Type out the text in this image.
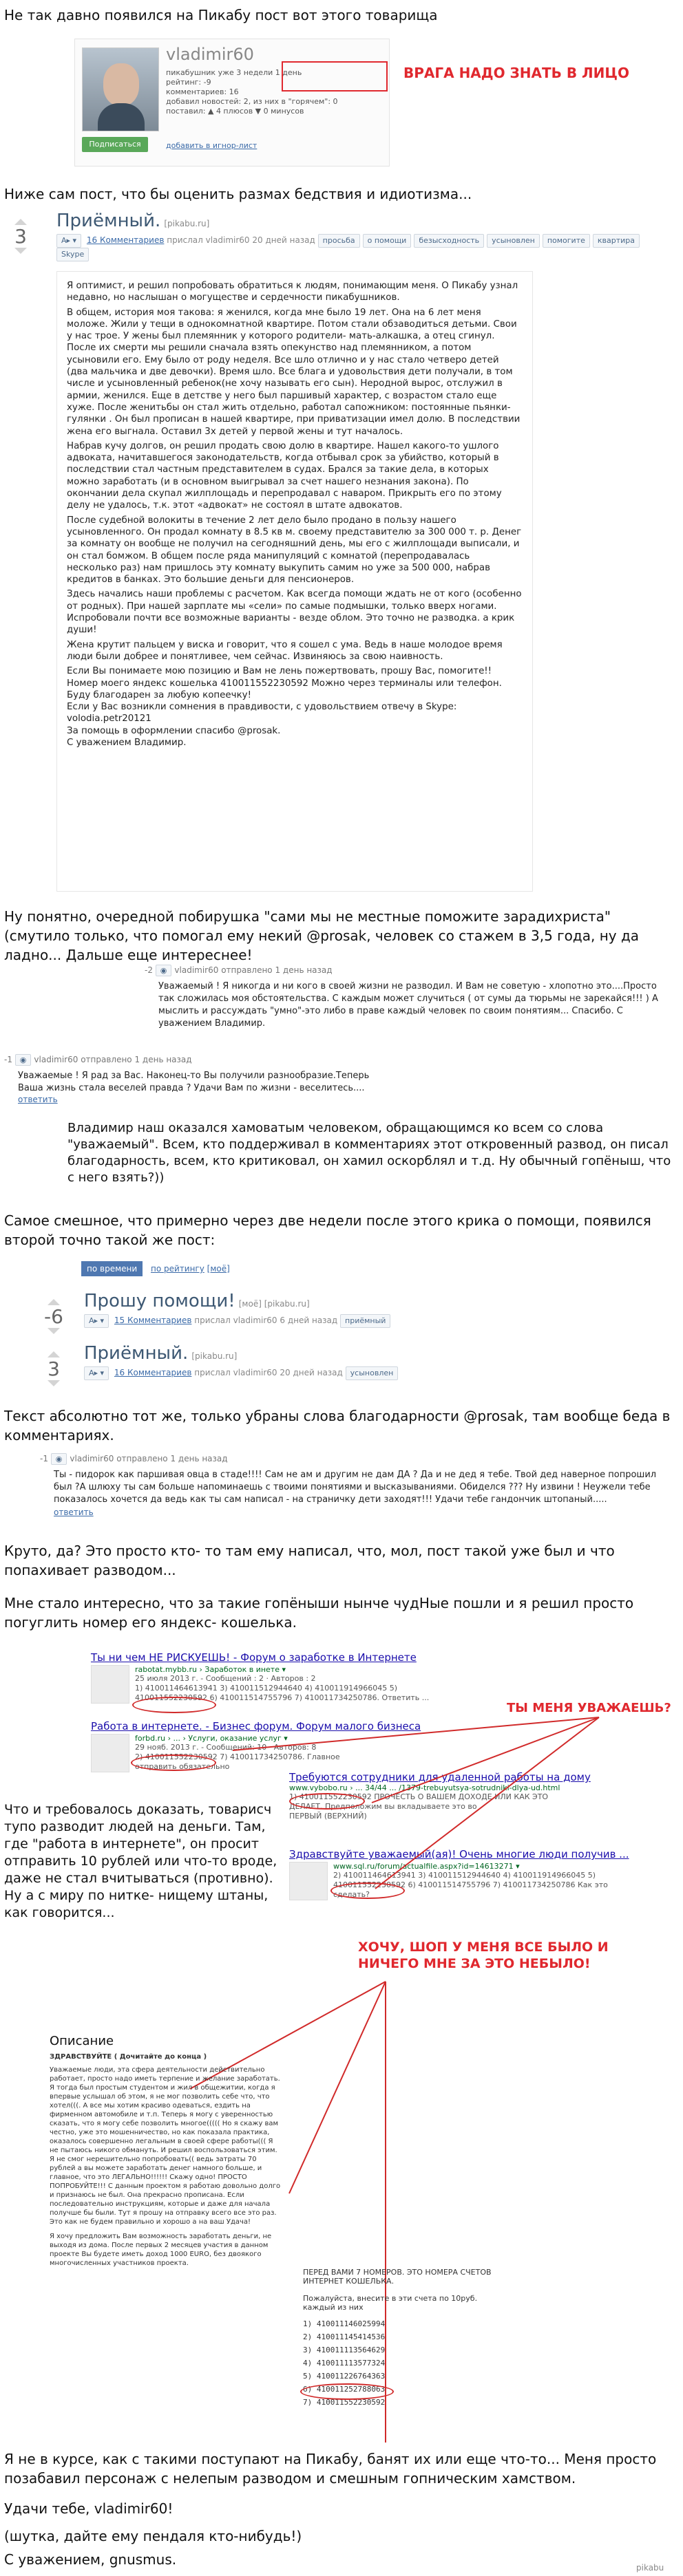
Не так давно появился на Пикабу пост вот этого товарища
vladimir60
пикабушник уже 3 недели 1 день
рейтинг: -9
комментариев: 16
добавил новостей: 2, из них в "горячем": 0
поставил: ▲ 4 плюсов ▼ 0 минусов
Подписаться	добавить в игнор-лист
ВРАГА НАДО ЗНАТЬ В ЛИЦО
Ниже сам пост, что бы оценить размах бедствия и идиотизма...
3
Приёмный. [pikabu.ru]
А▸ ▾ 16 Комментариев прислал vladimir60 20 дней назад просьба о помощи безысходность усыновлен помогите квартираSkype

Я оптимист, и решил попробовать обратиться к людям, понимающим меня. О Пикабу узнал недавно, но наслышан о могуществе и сердечности пикабушников.

В общем, история моя такова: я женился, когда мне было 19 лет. Она на 6 лет меня моложе. Жили у тещи в однокомнатной квартире. Потом стали обзаводиться детьми. Свои у нас трое. У жены был племянник у которого родители- мать-алкашка, а отец сгинул. После их смерти мы решили сначала взять опекунство над племянником, а потом усыновили его. Ему было от роду неделя. Все шло отлично и у нас стало четверо детей (два мальчика и две девочки). Время шло. Все блага и удовольствия дети получали, в том числе и усыновленный ребенок(не хочу называть его сын). Неродной вырос, отслужил в армии, женился. Еще в детстве у него был паршивый характер, с возрастом стало еще хуже. После женитьбы он стал жить отдельно, работал сапожником: постоянные пьянки-гулянки . Он был прописан в нашей квартире, при приватизации имел долю. В последствии жена его выгнала. Оставил 3х детей у первой жены и тут началось.

Набрав кучу долгов, он решил продать свою долю в квартире. Нашел какого-то ушлого адвоката, начитавшегося законодательств, когда отбывал срок за убийство, который в последствии стал частным представителем в судах. Брался за такие дела, в которых можно заработать (и в основном выигрывал за счет нашего незнания закона). По окончании дела скупал жилплощадь и перепродавал с наваром. Прикрыть его по этому делу не удалось, т.к. этот «адвокат» не состоял в штате адвокатов.

После судебной волокиты в течение 2 лет дело было продано в пользу нашего усыновленного. Он продал комнату в 8.5 кв м. своему представителю за 300 000 т. р. Денег за комнату он вообще не получил на сегодняшний день, мы его с жилплощади выписали, и он стал бомжом. В общем после ряда манипуляций с комнатой (перепродавалась несколько раз) нам пришлось эту комнату выкупить самим но уже за 500 000, набрав кредитов в банках. Это большие деньги для пенсионеров.

Здесь начались наши проблемы с расчетом. Как всегда помощи ждать не от кого (особенно от родных). При нашей зарплате мы «сели» по самые подмышки, только вверх ногами. Испробовали почти все возможные варианты - везде облом. Это точно не разводка. а крик души!

Жена крутит пальцем у виска и говорит, что я сошел с ума. Ведь в наше молодое время люди были добрее и понятливее, чем сейчас. Извиняюсь за свою наивность.

Если Вы понимаете мою позицию и Вам не лень пожертвовать, прошу Вас, помогите!!

Номер моего яндекс кошелька 410011552230592 Можно через терминалы или телефон.

Буду благодарен за любую копеечку!

Если у Вас возникли сомнения в правдивости, с удовольствием отвечу в Skype: volodia.petr20121

За помощь в оформлении спасибо @prosak.

С уважением Владимир.

Ну понятно, очередной побирушка "сами мы не местные поможите зарадихриста" (смутило только, что помогал ему некий @prosak, человек со стажем в 3,5 года, ну да ладно... Дальше еще интереснее!
-2 ◉ vladimir60 отправлено 1 день назад
Уважаемый ! Я никогда и ни кого в своей жизни не разводил. И Вам не советую - хлопотно это....Просто так сложилась моя обстоятельства. С каждым может случиться ( от сумы да тюрьмы не зарекайся!!! ) А мыслить и рассуждать "умно"-это либо в праве каждый человек по своим понятиям... Спасибо. С уважением Владимир.
-1 ◉ vladimir60 отправлено 1 день назад
Уважаемые ! Я рад за Вас. Наконец-то Вы получили разнообразие.Теперь Ваша жизнь стала веселей правда ? Удачи Вам по жизни - веселитесь....
ответить
Владимир наш оказался хамоватым человеком, обращающимся ко всем со слова "уважаемый". Всем, кто поддерживал в комментариях этот откровенный развод, он писал благодарность, всем, кто критиковал, он хамил оскорблял и т.д. Ну обычный гопёныш, что с него взять?))
Самое смешное, что примерно через две недели после этого крика о помощи, появился второй точно такой же пост:
по времени по рейтингу [моё]
-6
Прошу помощи! [моё] [pikabu.ru]
А▸ ▾ 15 Комментариев прислал vladimir60 6 дней назад приёмный
3
Приёмный. [pikabu.ru]
А▸ ▾ 16 Комментариев прислал vladimir60 20 дней назад усыновлен
Текст абсолютно тот же, только убраны слова благодарности @prosak, там вообще беда в комментариях.
-1 ◉ vladimir60 отправлено 1 день назад
Ты - пидорок как паршивая овца в стаде!!!! Сам не ам и другим не дам ДА ? Да и не дед я тебе. Твой дед наверное попрошил был ?А шлюху ты сам больше напоминаешь с твоими понятиями и высказываниями. Обиделся ??? Ну извини ! Неужели тебе показалось хочется да ведь как ты сам написал - на страничку дети заходят!!! Удачи тебе гандончик штопаный.....
ответить
Круто, да? Это просто кто- то там ему написал, что, мол, пост такой уже был и что попахивает разводом...
Мне стало интересно, что за такие гопёныши нынче чудНые пошли и я решил просто погуглить номер его яндекс- кошелька.
Ты ни чем НЕ РИСКУЕШЬ! - Форум о заработке в Интернете
rabotat.mybb.ru › Заработок в инете ▾
25 июля 2013 г. - Сообщений : 2 · Авторов : 2
1) 410011464613941 3) 410011512944640 4) 410011914966045 5)
410011552230592 6) 410011514755796 7) 410011734250786. Ответить ...
Работа в интернете. - Бизнес форум. Форум малого бизнеса
forbd.ru › ... › Услуги, оказание услуг ▾
29 нояб. 2013 г. - Сообщений: 10 · Авторов: 8
2) 410011552230592 7) 410011734250786. Главное
отправить обязательно
ТЫ МЕНЯ УВАЖАЕШЬ?
Требуются сотрудники для удаленной работы на дому
www.vybobo.ru › ... 34/44 ... /1379-trebuyutsya-sotrudniki-dlya-ud.html
1) 410011552230592 ПРОЧЕСТЬ О ВАШЕМ ДОХОДЕ ИЛИ КАК ЭТО
ДЕЛАЕТ. Предположим вы вкладываете это во
ПЕРВЫЙ (ВЕРХНИЙ)
Что и требовалось доказать, товарисч тупо разводит людей на деньги. Там, где "работа в интернете", он просит отправить 10 рублей или что-то вроде, даже не стал вчитываться (противно). Ну а с миру по нитке- нищему штаны, как говорится...
Здравствуйте уважаемый(ая)! Очень многие люди получив ...
www.sql.ru/forum/actualfile.aspx?id=14613271 ▾
2) 410011464613941 3) 410011512944640 4) 410011914966045 5)
410011552230592 6) 410011514755796 7) 410011734250786 Как это
сделать?
ХОЧУ, ШОП У МЕНЯ ВСЕ БЫЛО И НИЧЕГО МНЕ ЗА ЭТО НЕБЫЛО!
Описание
ЗДРАВСТВУЙТЕ ( Дочитайте до конца )
Уважаемые люди, эта сфера деятельности действительно работает, просто надо иметь терпение и желание заработать. Я тогда был простым студентом и жил в общежитии, когда я впервые услышал об этом, я не мог позволить себе что, что хотел(((. А все мы хотим красиво одеваться, ездить на фирменном автомобиле и т.п. Теперь я могу с уверенностью сказать, что я могу себе позволить многое((((( Но я скажу вам честно, уже это мошенничество, но как показала практика, оказалось совершенно легальным в своей сфере работы((( Я не пытаюсь никого обмануть. И решил воспользоваться этим. Я не смог нерешительно попробовать(( ведь затраты 70 рублей а вы можете заработать денег намного больше, и главное, что это ЛЕГАЛЬНО!!!!!! Скажу одно! ПРОСТО ПОПРОБУЙТЕ!!! С данным проектом я работаю довольно долго и признаюсь не был. Она прекрасно прописана. Если последовательно инструкциям, которые и даже для начала получше бы были. Тут я прошу на отправку всего все это раз. Это как не будем правильно и хорошо а на ваш Удача!
Я хочу предложить Вам возможность заработать деньги, не выходя из дома. После первых 2 месяцев участия в данном проекте Вы будете иметь доход 1000 EURO, без двоякого многочисленных участников проекта.
ПЕРЕД ВАМИ 7 НОМЕРОВ. ЭТО НОМЕРА СЧЕТОВ ИНТЕРНЕТ КОШЕЛЬКА.
Пожалуйста, внесите в эти счета по 10руб. каждый из них
1) 410011146025994
2) 410011145414536
3) 410011113564629
4) 410011113577324
5) 410011226764363
6) 410011252788063
7) 410011552230592
Я не в курсе, как с такими поступают на Пикабу, банят их или еще что-то... Меня просто позабавил персонаж с нелепым разводом и смешным гопническим хамством.
Удачи тебе, vladimir60!
(шутка, дайте ему пендаля кто-нибудь!)
С уважением, gnusmus.	pikabu
